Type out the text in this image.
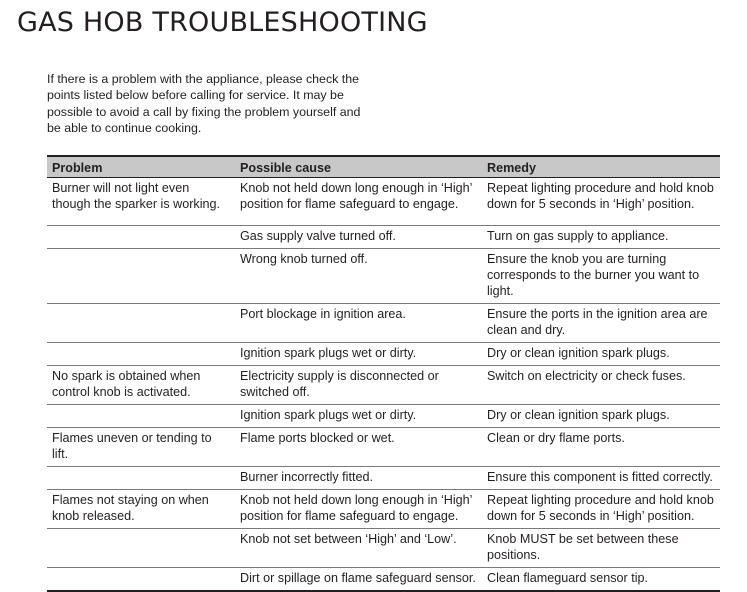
GAS HOB TROUBLESHOOTING

If there is a problem with the appliance, please check the points listed below before calling for service. It may be possible to avoid a call by fixing the problem yourself and be able to continue cooking.

Problem	Possible cause	Remedy
Burner will not light even though the sparker is working.	Knob not held down long enough in ‘High’ position for flame safeguard to engage.	Repeat lighting procedure and hold knob down for 5 seconds in ‘High’ position.
	Gas supply valve turned off.	Turn on gas supply to appliance.
	Wrong knob turned off.	Ensure the knob you are turning corresponds to the burner you want to light.
	Port blockage in ignition area.	Ensure the ports in the ignition area are clean and dry.
	Ignition spark plugs wet or dirty.	Dry or clean ignition spark plugs.
No spark is obtained when control knob is activated.	Electricity supply is disconnected or switched off.	Switch on electricity or check fuses.
	Ignition spark plugs wet or dirty.	Dry or clean ignition spark plugs.
Flames uneven or tending to lift.	Flame ports blocked or wet.	Clean or dry flame ports.
	Burner incorrectly fitted.	Ensure this component is fitted correctly.
Flames not staying on when knob released.	Knob not held down long enough in ‘High’ position for flame safeguard to engage.	Repeat lighting procedure and hold knob down for 5 seconds in ‘High’ position.
	Knob not set between ‘High’ and ‘Low’.	Knob MUST be set between these positions.
	Dirt or spillage on flame safeguard sensor.	Clean flameguard sensor tip.
